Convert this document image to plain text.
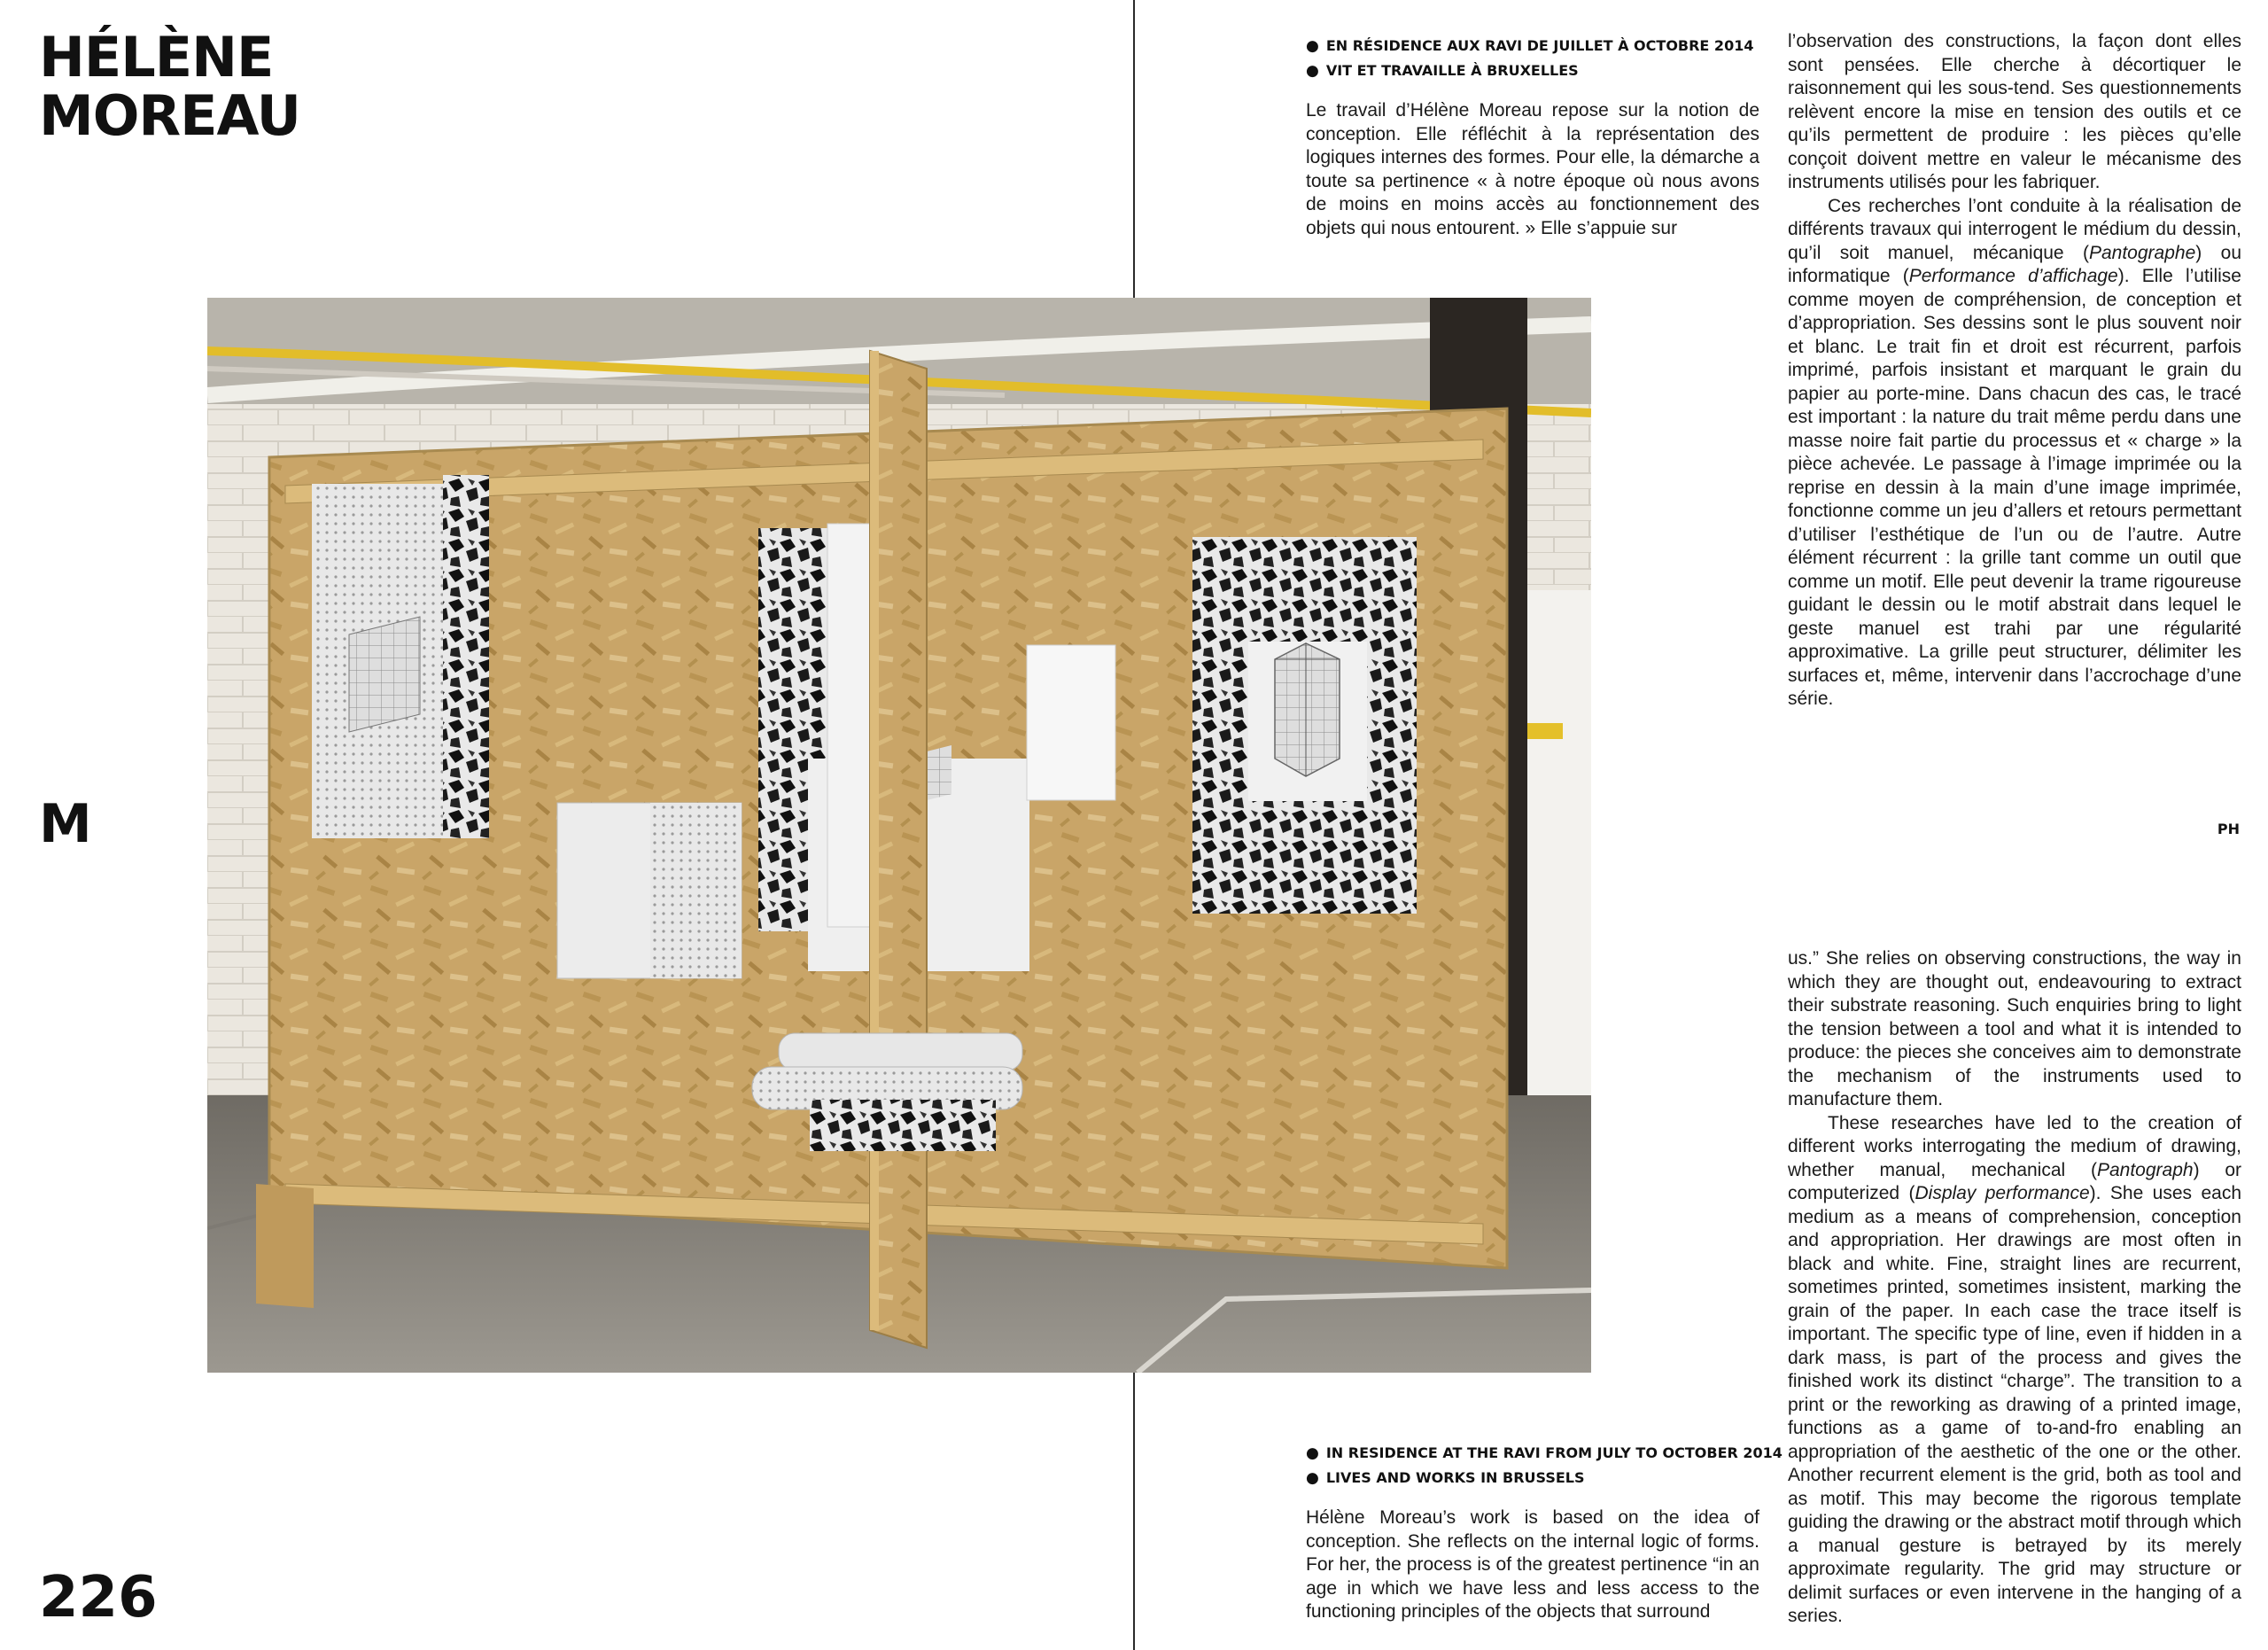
HÉLÈNE
MOREAU
M
226
● EN RÉSIDENCE AUX RAVI DE JUILLET À OCTOBRE 2014
● VIT ET TRAVAILLE À BRUXELLES

Le travail d’Hélène Moreau repose sur la notion de conception. Elle réfléchit à la représentation des logiques internes des formes. Pour elle, la démarche a toute sa pertinence « à notre époque où nous avons de moins en moins accès au fonctionnement des objets qui nous entourent. » Elle s’appuie sur

l’observation des constructions, la façon dont elles sont pensées. Elle cherche à décortiquer le raisonnement qui les sous-tend. Ses questionnements relèvent encore la mise en tension des outils et ce qu’ils permettent de produire : les pièces qu’elle conçoit doivent mettre en valeur le mécanisme des instruments utilisés pour les fabriquer.

Ces recherches l’ont conduite à la réalisation de différents travaux qui interrogent le médium du dessin, qu’il soit manuel, mécanique (Pantographe) ou informatique (Performance d’affichage). Elle l’utilise comme moyen de compréhension, de conception et d’appropriation. Ses dessins sont le plus souvent noir et blanc. Le trait fin et droit est récurrent, parfois imprimé, parfois insistant et marquant le grain du papier au porte-mine. Dans chacun des cas, le tracé est important : la nature du trait même perdu dans une masse noire fait partie du processus et « charge » la pièce achevée. Le passage à l’image imprimée ou la reprise en dessin à la main d’une image imprimée, fonctionne comme un jeu d’allers et retours permettant d’utiliser l’esthétique de l’un ou de l’autre. Autre élément récurrent : la grille tant comme un outil que comme un motif. Elle peut devenir la trame rigoureuse guidant le dessin ou le motif abstrait dans lequel le geste manuel est trahi par une régularité approximative. La grille peut structurer, délimiter les surfaces et, même, intervenir dans l’accrochage d’une série.

PH
● IN RESIDENCE AT THE RAVI FROM JULY TO OCTOBER 2014
● LIVES AND WORKS IN BRUSSELS

Hélène Moreau’s work is based on the idea of conception. She reflects on the internal logic of forms. For her, the process is of the greatest pertinence “in an age in which we have less and less access to the functioning principles of the objects that surround

us.” She relies on observing constructions, the way in which they are thought out, endeavouring to extract their substrate reasoning. Such enquiries bring to light the tension between a tool and what it is intended to produce: the pieces she conceives aim to demonstrate the mechanism of the instruments used to manufacture them.

These researches have led to the creation of different works interrogating the medium of drawing, whether manual, mechanical (Pantograph) or computerized (Display performance). She uses each medium as a means of comprehension, conception and appropriation. Her drawings are most often in black and white. Fine, straight lines are recurrent, sometimes printed, sometimes insistent, marking the grain of the paper. In each case the trace itself is important. The specific type of line, even if hidden in a dark mass, is part of the process and gives the finished work its distinct “charge”. The transition to a print or the reworking as drawing of a printed image, functions as a game of to-and-fro enabling an appropriation of the aesthetic of the one or the other. Another recurrent element is the grid, both as tool and as motif. This may become the rigorous template guiding the drawing or the abstract motif through which a manual gesture is betrayed by its merely approximate regularity. The grid may structure or delimit surfaces or even intervene in the hanging of a series.
